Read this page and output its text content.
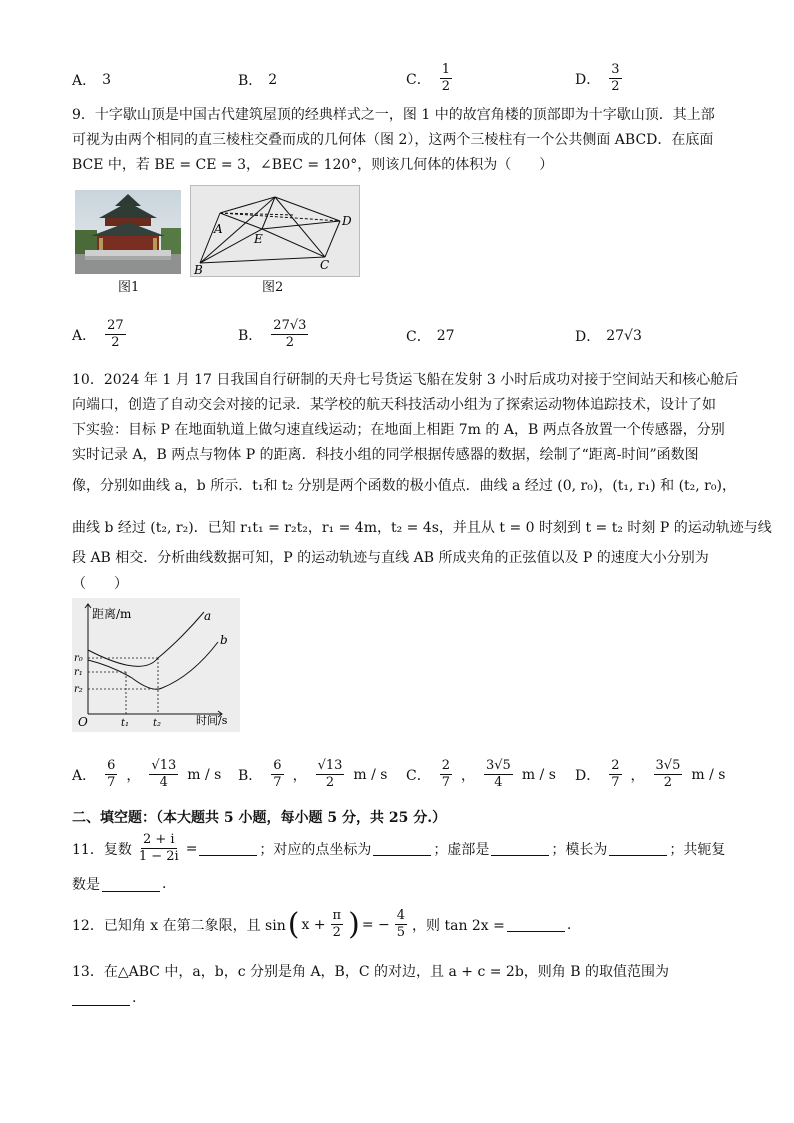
A． 3	B． 2	C． $\frac{1}{2}$	D． $\frac{3}{2}$
9．十字歇山顶是中国古代建筑屋顶的经典样式之一，图 1 中的故宫角楼的顶部即为十字歇山顶．其上部
可视为由两个相同的直三棱柱交叠而成的几何体（图 2），这两个三棱柱有一个公共侧面 ABCD．在底面
BCE 中，若 BE = CE = 3，∠BEC = 120°，则该几何体的体积为（　　）
图1
A
B	C
D
E
图2
A． $\frac{27}{2}$	B． $\frac{27√3}{2}$	C． 27	D． 27√3
10．2024 年 1 月 17 日我国自行研制的天舟七号货运飞船在发射 3 小时后成功对接于空间站天和核心舱后
向端口，创造了自动交会对接的记录．某学校的航天科技活动小组为了探索运动物体追踪技术，设计了如
下实验：目标 P 在地面轨道上做匀速直线运动；在地面上相距 7m 的 A，B 两点各放置一个传感器，分别
实时记录 A，B 两点与物体 P 的距离．科技小组的同学根据传感器的数据，绘制了“距离-时间”函数图
像，分别如曲线 a，b 所示．t₁和 t₂ 分别是两个函数的极小值点．曲线 a 经过 (0, r₀)，(t₁, r₁) 和 (t₂, r₀)，
曲线 b 经过 (t₂, r₂)．已知 r₁t₁ = r₂t₂，r₁ = 4m，t₂ = 4s，并且从 t = 0 时刻到 t = t₂ 时刻 P 的运动轨迹与线
段 AB 相交．分析曲线数据可知，P 的运动轨迹与直线 AB 所成夹角的正弦值以及 P 的速度大小分别为
（　　）
距离/m
时间/s
O
a
b
r₀
r₁
r₂
t₁ t₂
A． $\frac{6}{7}$ ， $\frac{√13}{4}$ m / s B． $\frac{6}{7}$ ， $\frac{√13}{2}$ m / s C． $\frac{2}{7}$ ， $\frac{3√5}{4}$ m / s D． $\frac{2}{7}$ ， $\frac{3√5}{2}$ m / s
二、填空题：（本大题共 5 小题，每小题 5 分，共 25 分.）
11．复数 $\frac{2 + i}{1 - 2i}$ =	；对应的点坐标为	；虚部是	；模长为	；共轭复
数是	.
12．已知角 x 在第二象限，且 sin ( $x + \frac{\pi}{2}$ ) = − $\frac{4}{5}$ ，则 tan 2x =	.
13．在△ABC 中，a，b，c 分别是角 A，B，C 的对边，且 a + c = 2b，则角 B 的取值范围为
.
